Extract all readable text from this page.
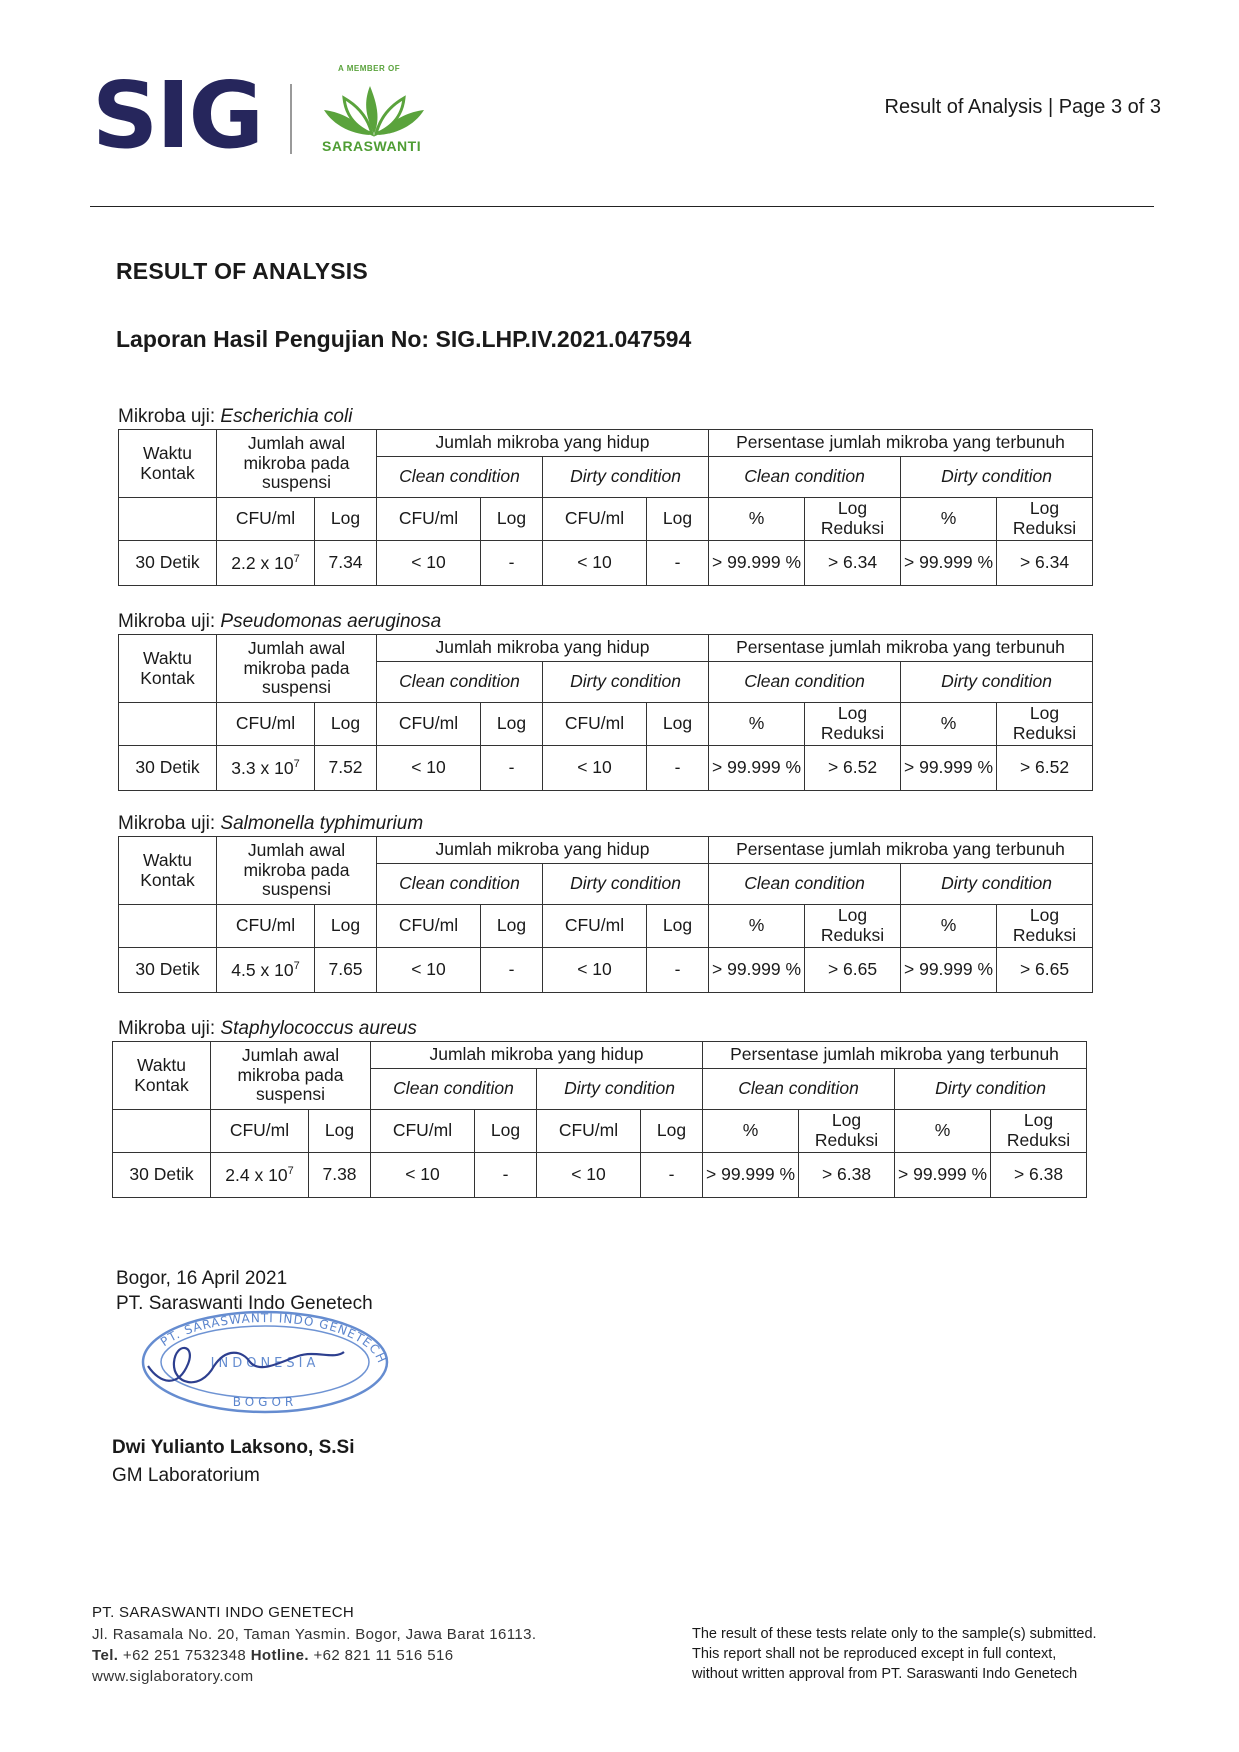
SIG	A MEMBER OF
SARASWANTI
Result of Analysis | Page 3 of 3
RESULT OF ANALYSIS
Laporan Hasil Pengujian No: SIG.LHP.IV.2021.047594
Mikroba uji: Escherichia coli
Waktu Kontak	Jumlah awal mikroba pada suspensi		Jumlah mikroba yang hidup				Persentase jumlah mikroba yang terbunuh			
			Clean condition		Dirty condition		Clean condition		Dirty condition	
	CFU/ml	Log	CFU/ml	Log	CFU/ml	Log	%	Log Reduksi	%	Log Reduksi
30 Detik	2.2 x $10^7$	7.34	< 10	-	< 10	-	> 99.999 %	> 6.34	> 99.999 %	> 6.34
Mikroba uji: Pseudomonas aeruginosa
Waktu Kontak	Jumlah awal mikroba pada suspensi		Jumlah mikroba yang hidup				Persentase jumlah mikroba yang terbunuh			
			Clean condition		Dirty condition		Clean condition		Dirty condition	
	CFU/ml	Log	CFU/ml	Log	CFU/ml	Log	%	Log Reduksi	%	Log Reduksi
30 Detik	3.3 x $10^7$	7.52	< 10	-	< 10	-	> 99.999 %	> 6.52	> 99.999 %	> 6.52
Mikroba uji: Salmonella typhimurium
Waktu Kontak	Jumlah awal mikroba pada suspensi		Jumlah mikroba yang hidup				Persentase jumlah mikroba yang terbunuh			
			Clean condition		Dirty condition		Clean condition		Dirty condition	
	CFU/ml	Log	CFU/ml	Log	CFU/ml	Log	%	Log Reduksi	%	Log Reduksi
30 Detik	4.5 x $10^7$	7.65	< 10	-	< 10	-	> 99.999 %	> 6.65	> 99.999 %	> 6.65
Mikroba uji: Staphylococcus aureus
Waktu Kontak	Jumlah awal mikroba pada suspensi		Jumlah mikroba yang hidup				Persentase jumlah mikroba yang terbunuh			
			Clean condition		Dirty condition		Clean condition		Dirty condition	
	CFU/ml	Log	CFU/ml	Log	CFU/ml	Log	%	Log Reduksi	%	Log Reduksi
30 Detik	2.4 x $10^7$	7.38	< 10	-	< 10	-	> 99.999 %	> 6.38	> 99.999 %	> 6.38
Bogor, 16 April 2021
PT. Saraswanti Indo Genetech
PT. SARASWANTI INDO GENETECH
INDONESIA
BOGOR
Dwi Yulianto Laksono, S.Si
GM Laboratorium
PT. SARASWANTI INDO GENETECH
Jl. Rasamala No. 20, Taman Yasmin. Bogor, Jawa Barat 16113.
Tel. +62 251 7532348 Hotline. +62 821 11 516 516
www.siglaboratory.com
The result of these tests relate only to the sample(s) submitted.
This report shall not be reproduced except in full context,
without written approval from PT. Saraswanti Indo Genetech
